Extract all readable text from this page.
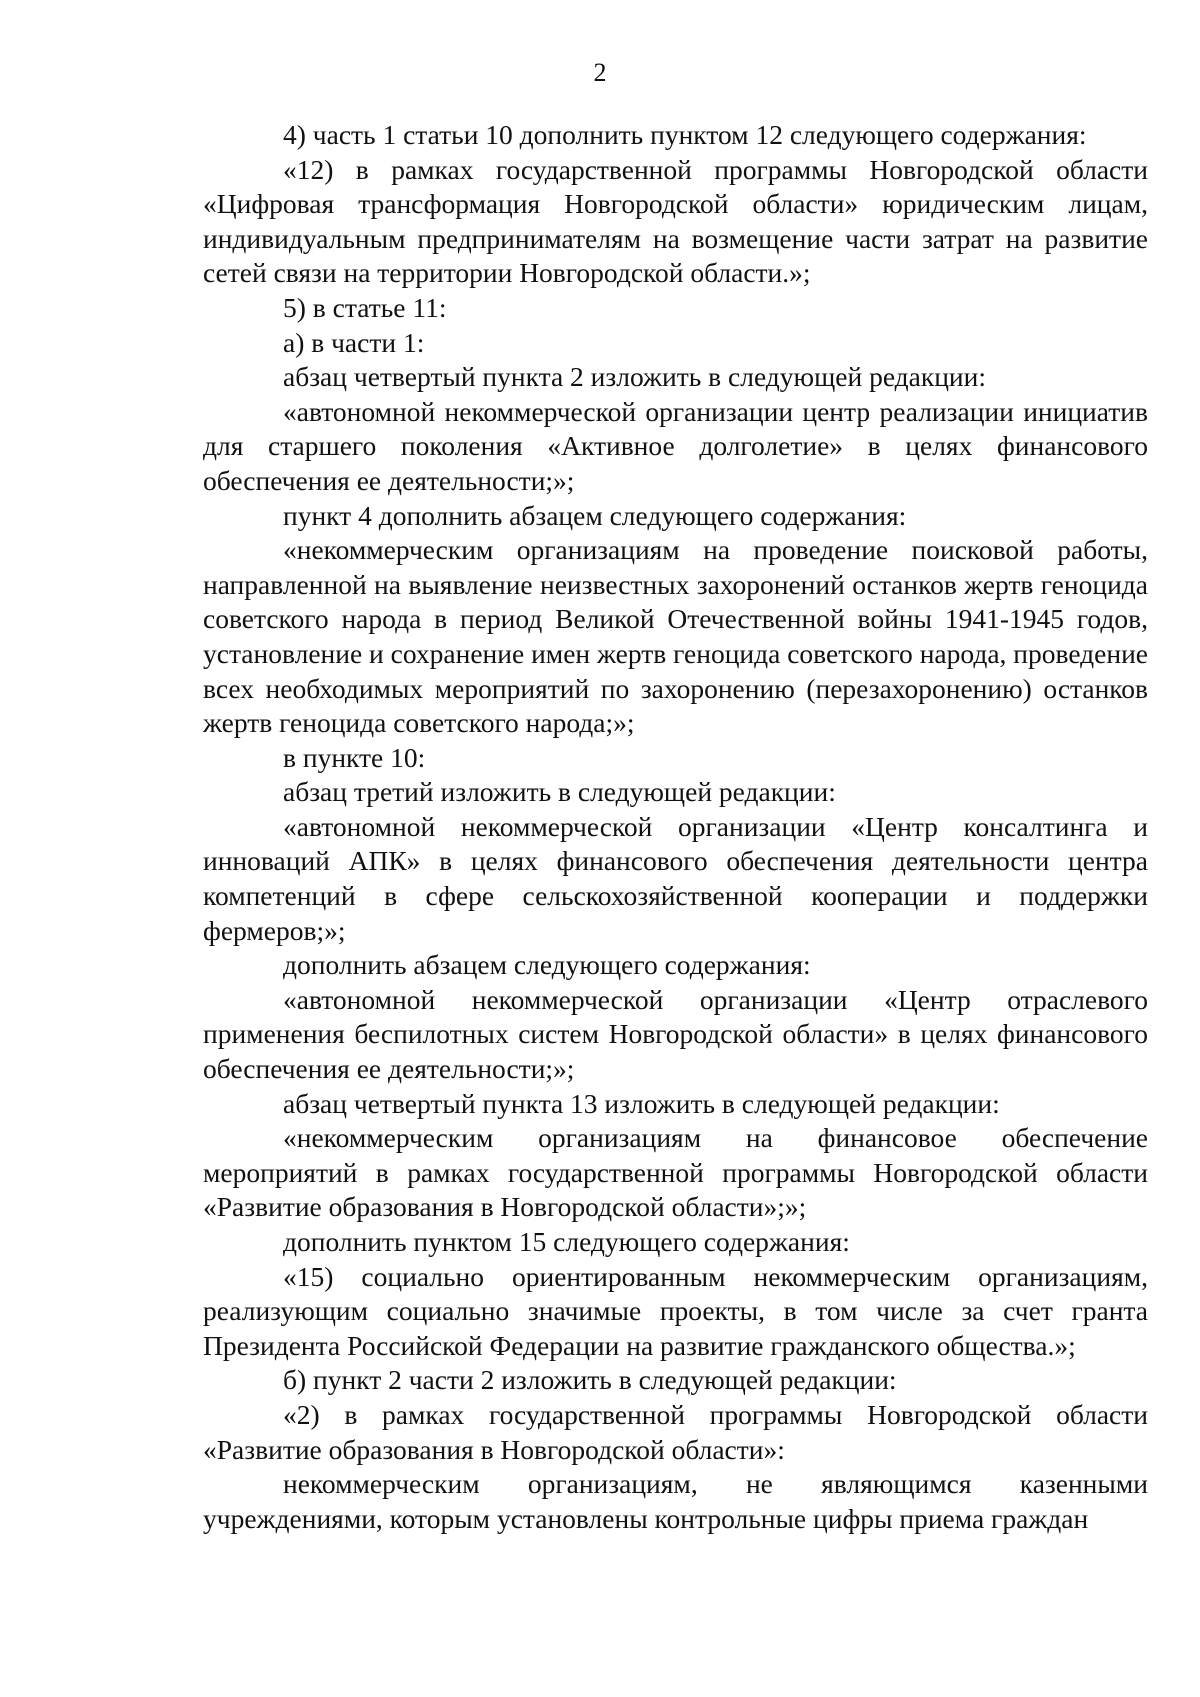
2

4) часть 1 статьи 10 дополнить пунктом 12 следующего содержания:

«12) в рамках государственной программы Новгородской области «Цифровая трансформация Новгородской области» юридическим лицам, индивидуальным предпринимателям на возмещение части затрат на развитие сетей связи на территории Новгородской области.»;

5) в статье 11:

а) в части 1:

абзац четвертый пункта 2 изложить в следующей редакции:

«автономной некоммерческой организации центр реализации инициатив для старшего поколения «Активное долголетие» в целях финансового обеспечения ее деятельности;»;

пункт 4 дополнить абзацем следующего содержания:

«некоммерческим организациям на проведение поисковой работы, направленной на выявление неизвестных захоронений останков жертв геноцида советского народа в период Великой Отечественной войны 1941-1945 годов, установление и сохранение имен жертв геноцида советского народа, проведение всех необходимых мероприятий по захоронению (перезахоронению) останков жертв геноцида советского народа;»;

в пункте 10:

абзац третий изложить в следующей редакции:

«автономной некоммерческой организации «Центр консалтинга и инноваций АПК» в целях финансового обеспечения деятельности центра компетенций в сфере сельскохозяйственной кооперации и поддержки фермеров;»;

дополнить абзацем следующего содержания:

«автономной некоммерческой организации «Центр отраслевого применения беспилотных систем Новгородской области» в целях финансового обеспечения ее деятельности;»;

абзац четвертый пункта 13 изложить в следующей редакции:

«некоммерческим организациям на финансовое обеспечение мероприятий в рамках государственной программы Новгородской области «Развитие образования в Новгородской области»;»;

дополнить пунктом 15 следующего содержания:

«15) социально ориентированным некоммерческим организациям, реализующим социально значимые проекты, в том числе за счет гранта Президента Российской Федерации на развитие гражданского общества.»;

б) пункт 2 части 2 изложить в следующей редакции:

«2) в рамках государственной программы Новгородской области «Развитие образования в Новгородской области»:

некоммерческим организациям, не являющимся казенными учреждениями, которым установлены контрольные цифры приема граждан
